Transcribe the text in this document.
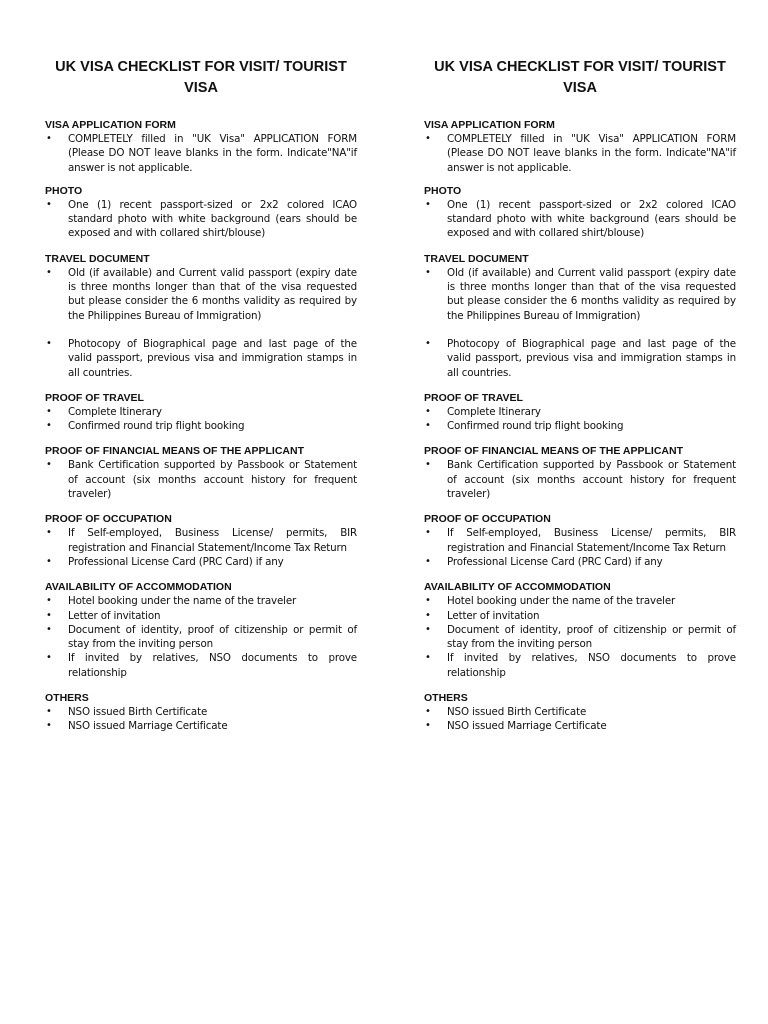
UK VISA CHECKLIST FOR VISIT/ TOURIST VISA
VISA APPLICATION FORM
• COMPLETELY filled in "UK Visa" APPLICATION FORM (Please DO NOT leave blanks in the form. Indicate"NA"if answer is not applicable.
PHOTO
• One (1) recent passport-sized or 2x2 colored ICAO standard photo with white background (ears should be exposed and with collared shirt/blouse)
TRAVEL DOCUMENT
• Old (if available) and Current valid passport (expiry date is three months longer than that of the visa requested but please consider the 6 months validity as required by the Philippines Bureau of Immigration)
• Photocopy of Biographical page and last page of the valid passport, previous visa and immigration stamps in all countries.
PROOF OF TRAVEL
• Complete Itinerary
• Confirmed round trip flight booking
PROOF OF FINANCIAL MEANS OF THE APPLICANT
• Bank Certification supported by Passbook or Statement of account (six months account history for frequent traveler)
PROOF OF OCCUPATION
• If Self-employed, Business License/ permits, BIR registration and Financial Statement/Income Tax Return
• Professional License Card (PRC Card) if any
AVAILABILITY OF ACCOMMODATION
• Hotel booking under the name of the traveler
• Letter of invitation
• Document of identity, proof of citizenship or permit of stay from the inviting person
• If invited by relatives, NSO documents to prove relationship
OTHERS
• NSO issued Birth Certificate
• NSO issued Marriage Certificate
UK VISA CHECKLIST FOR VISIT/ TOURIST VISA
VISA APPLICATION FORM
• COMPLETELY filled in "UK Visa" APPLICATION FORM (Please DO NOT leave blanks in the form. Indicate"NA"if answer is not applicable.
PHOTO
• One (1) recent passport-sized or 2x2 colored ICAO standard photo with white background (ears should be exposed and with collared shirt/blouse)
TRAVEL DOCUMENT
• Old (if available) and Current valid passport (expiry date is three months longer than that of the visa requested but please consider the 6 months validity as required by the Philippines Bureau of Immigration)
• Photocopy of Biographical page and last page of the valid passport, previous visa and immigration stamps in all countries.
PROOF OF TRAVEL
• Complete Itinerary
• Confirmed round trip flight booking
PROOF OF FINANCIAL MEANS OF THE APPLICANT
• Bank Certification supported by Passbook or Statement of account (six months account history for frequent traveler)
PROOF OF OCCUPATION
• If Self-employed, Business License/ permits, BIR registration and Financial Statement/Income Tax Return
• Professional License Card (PRC Card) if any
AVAILABILITY OF ACCOMMODATION
• Hotel booking under the name of the traveler
• Letter of invitation
• Document of identity, proof of citizenship or permit of stay from the inviting person
• If invited by relatives, NSO documents to prove relationship
OTHERS
• NSO issued Birth Certificate
• NSO issued Marriage Certificate
